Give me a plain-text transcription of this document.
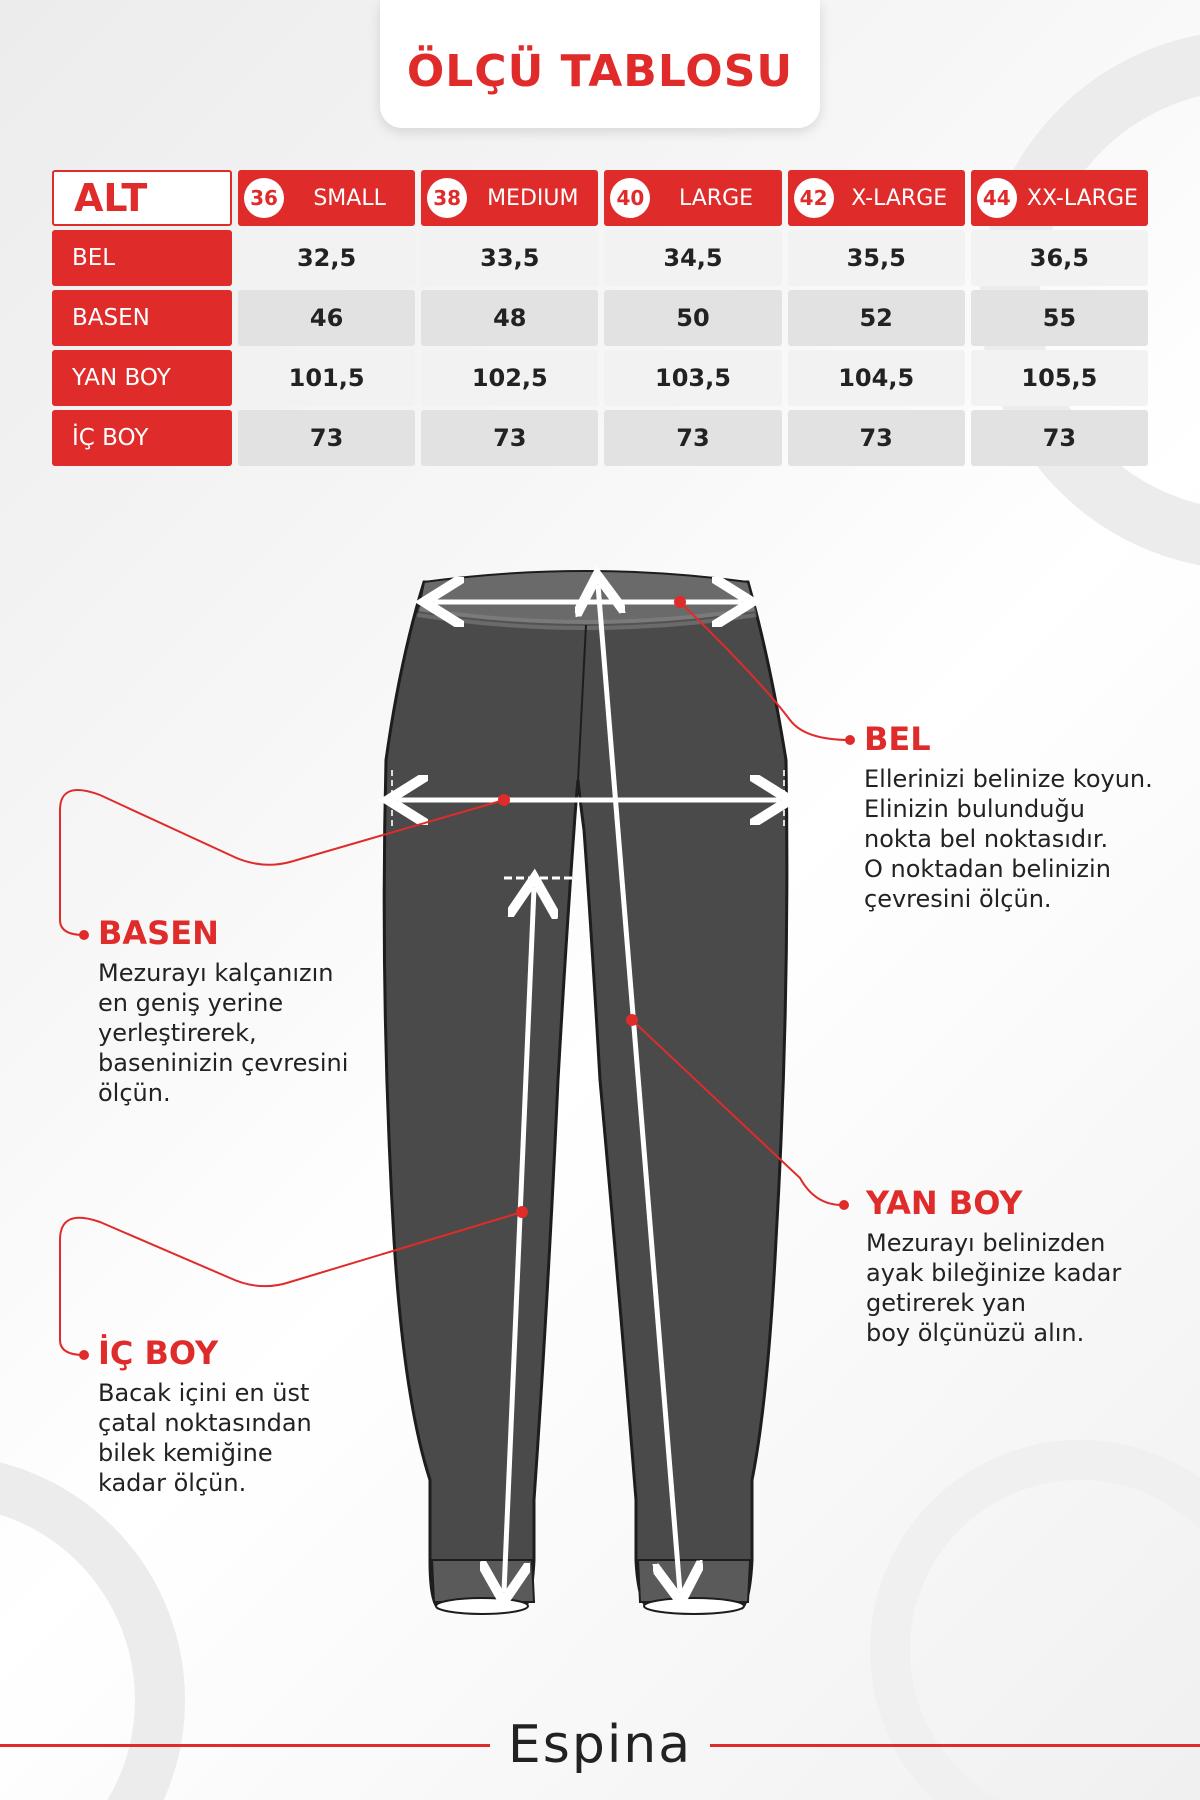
ÖLÇÜ TABLOSU
ALT	36	SMALL	38	MEDIUM	40	LARGE	42	X-LARGE	44 XX-LARGE
BEL	32,5	33,5	34,5	35,5	36,5
BASEN	46	48	50	52	55
YAN BOY	101,5	102,5	103,5	104,5	105,5
İÇ BOY	73	73	73	73	73
BEL
Ellerinizi belinize koyun.
Elinizin bulunduğu
nokta bel noktasıdır.
O noktadan belinizin
çevresini ölçün.
BASEN
Mezurayı kalçanızın
en geniş yerine
yerleştirerek,
baseninizin çevresini
ölçün.
YAN BOY
Mezurayı belinizden
ayak bileğinize kadar
getirerek yan
boy ölçünüzü alın.
İÇ BOY
Bacak içini en üst
çatal noktasından
bilek kemiğine
kadar ölçün.
Espina
